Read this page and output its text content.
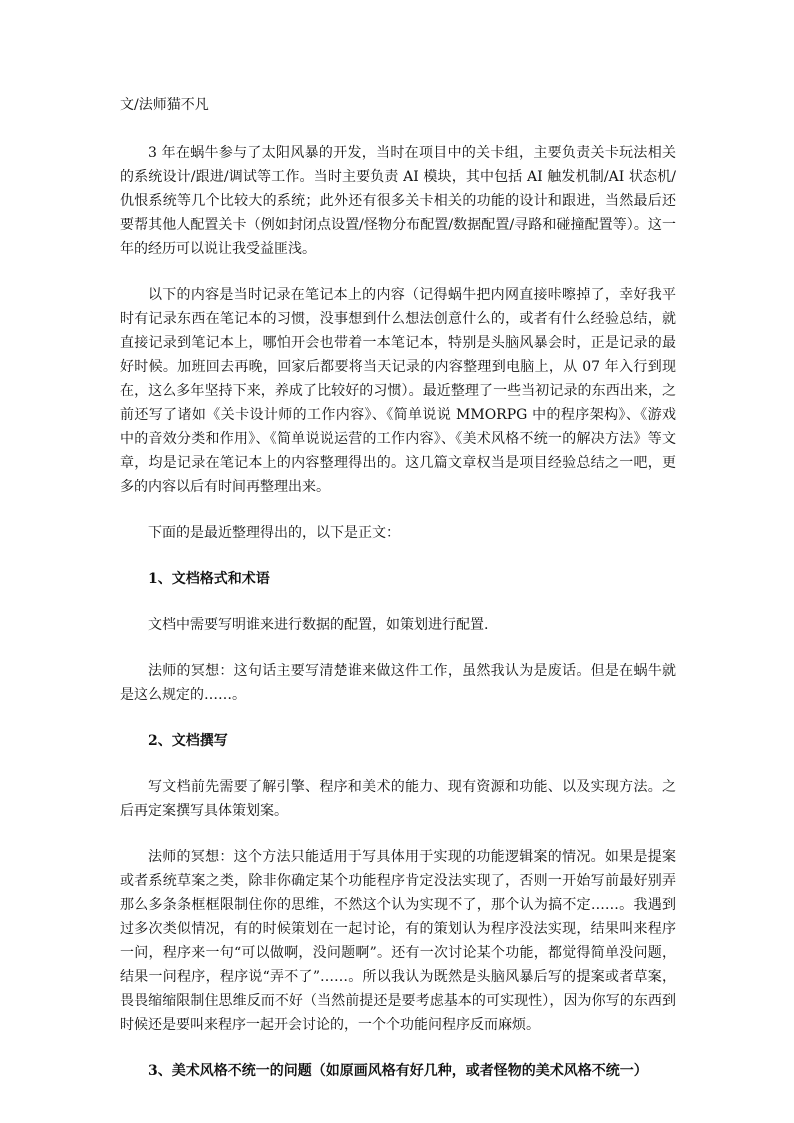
文/法师猫不凡

3 年在蜗牛参与了太阳风暴的开发，当时在项目中的关卡组，主要负责关卡玩法相关的系统设计/跟进/调试等工作。当时主要负责 AI 模块，其中包括 AI 触发机制/AI 状态机/仇恨系统等几个比较大的系统；此外还有很多关卡相关的功能的设计和跟进，当然最后还要帮其他人配置关卡（例如封闭点设置/怪物分布配置/数据配置/寻路和碰撞配置等）。这一年的经历可以说让我受益匪浅。

以下的内容是当时记录在笔记本上的内容（记得蜗牛把内网直接咔嚓掉了，幸好我平时有记录东西在笔记本的习惯，没事想到什么想法创意什么的，或者有什么经验总结，就直接记录到笔记本上，哪怕开会也带着一本笔记本，特别是头脑风暴会时，正是记录的最好时候。加班回去再晚，回家后都要将当天记录的内容整理到电脑上，从 07 年入行到现在，这么多年坚持下来，养成了比较好的习惯）。最近整理了一些当初记录的东西出来，之前还写了诸如《关卡设计师的工作内容》、《简单说说 MMORPG 中的程序架构》、《游戏中的音效分类和作用》、《简单说说运营的工作内容》、《美术风格不统一的解决方法》等文章，均是记录在笔记本上的内容整理得出的。这几篇文章权当是项目经验总结之一吧，更多的内容以后有时间再整理出来。

下面的是最近整理得出的，以下是正文：

1、文档格式和术语

文档中需要写明谁来进行数据的配置，如策划进行配置.

法师的冥想：这句话主要写清楚谁来做这件工作，虽然我认为是废话。但是在蜗牛就是这么规定的……。

2、文档撰写

写文档前先需要了解引擎、程序和美术的能力、现有资源和功能、以及实现方法。之后再定案撰写具体策划案。

法师的冥想：这个方法只能适用于写具体用于实现的功能逻辑案的情况。如果是提案或者系统草案之类，除非你确定某个功能程序肯定没法实现了，否则一开始写前最好别弄那么多条条框框限制住你的思维，不然这个认为实现不了，那个认为搞不定……。我遇到过多次类似情况，有的时候策划在一起讨论，有的策划认为程序没法实现，结果叫来程序一问，程序来一句“可以做啊，没问题啊”。还有一次讨论某个功能，都觉得简单没问题，结果一问程序，程序说“弄不了”……。所以我认为既然是头脑风暴后写的提案或者草案，畏畏缩缩限制住思维反而不好（当然前提还是要考虑基本的可实现性），因为你写的东西到时候还是要叫来程序一起开会讨论的，一个个功能问程序反而麻烦。

3、美术风格不统一的问题（如原画风格有好几种，或者怪物的美术风格不统一）
